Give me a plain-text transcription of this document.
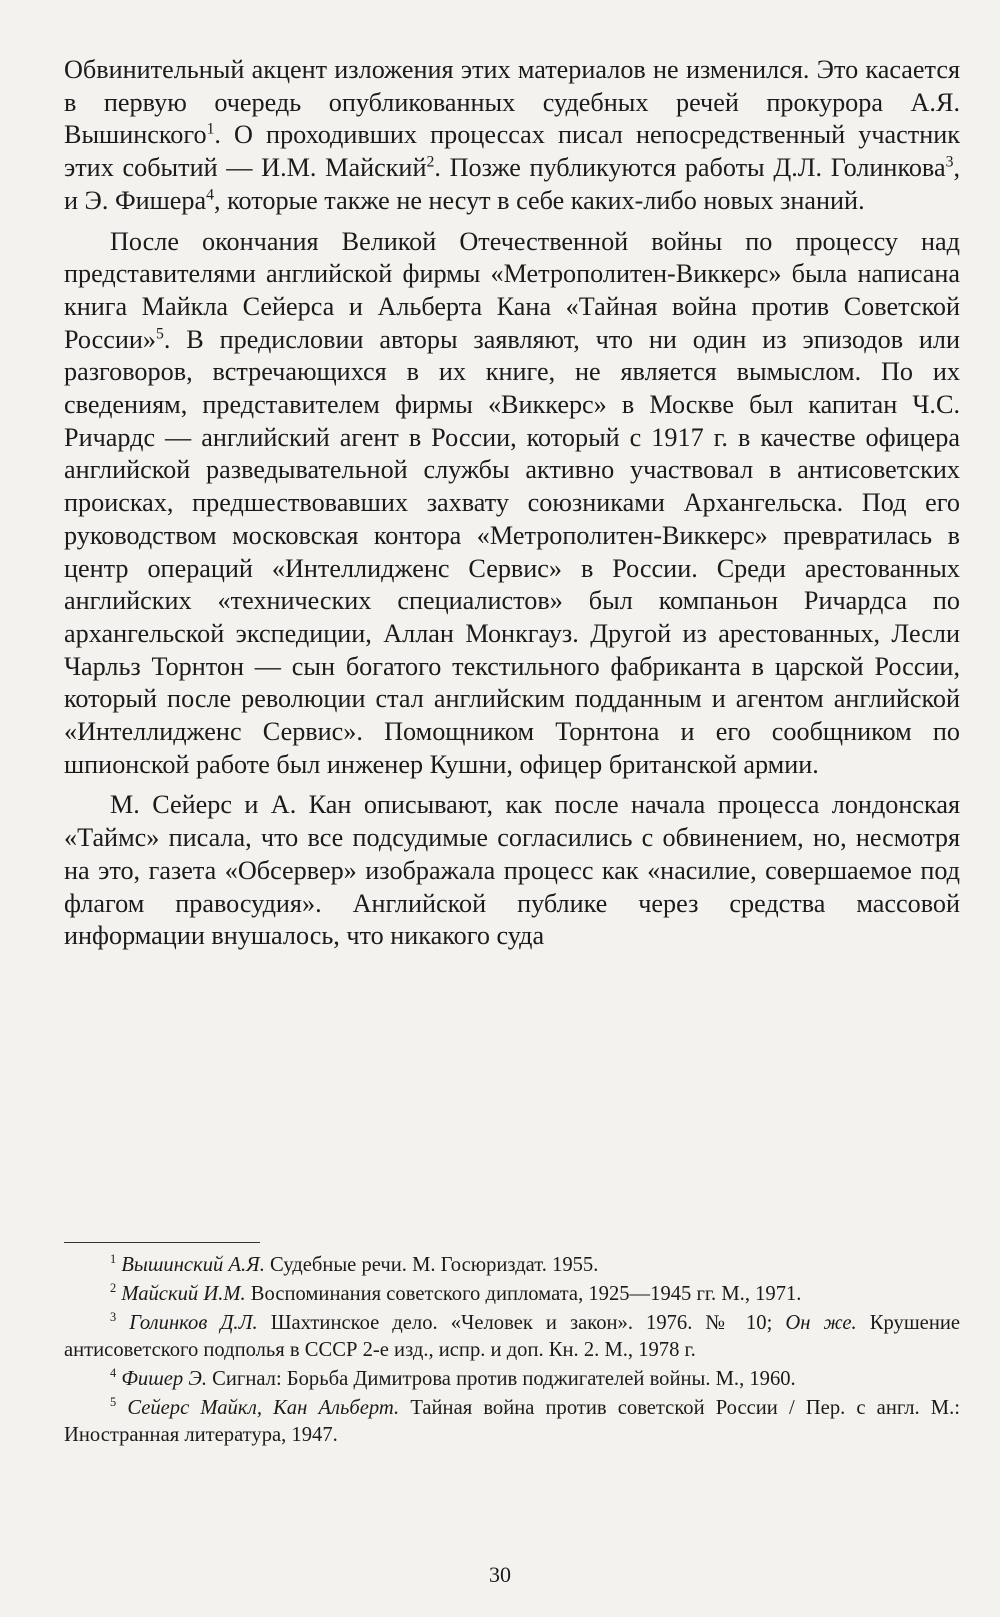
Обвинительный акцент изложения этих материалов не изменился. Это касается в первую очередь опубликованных судебных речей прокурора А.Я. Вышинского$^1$. О проходивших процессах писал непосредственный участник этих событий — И.М. Майский$^2$. Позже публикуются работы Д.Л. Голинкова$^3$, и Э. Фишера$^4$, которые также не несут в себе каких-либо новых знаний.

После окончания Великой Отечественной войны по процессу над представителями английской фирмы «Метрополитен-Виккерс» была написана книга Майкла Сейерса и Альберта Кана «Тайная война против Советской России»$^5$. В предисловии авторы заявляют, что ни один из эпизодов или разговоров, встречающихся в их книге, не является вымыслом. По их сведениям, представителем фирмы «Виккерс» в Москве был капитан Ч.С. Ричардс — английский агент в России, который с 1917 г. в качестве офицера английской разведывательной службы активно участвовал в антисоветских происках, предшествовавших захвату союзниками Архангельска. Под его руководством московская контора «Метрополитен-Виккерс» превратилась в центр операций «Интеллидженс Сервис» в России. Среди арестованных английских «технических специалистов» был компаньон Ричардса по архангельской экспедиции, Аллан Монкгауз. Другой из арестованных, Лесли Чарльз Торнтон — сын богатого текстильного фабриканта в царской России, который после революции стал английским подданным и агентом английской «Интеллидженс Сервис». Помощником Торнтона и его сообщником по шпионской работе был инженер Кушни, офицер британской армии.

М. Сейерс и А. Кан описывают, как после начала процесса лондонская «Таймс» писала, что все подсудимые согласились с обвинением, но, несмотря на это, газета «Обсервер» изображала процесс как «насилие, совершаемое под флагом правосудия». Английской публике через средства массовой информации внушалось, что никакого суда

$^1$ Вышинский А.Я. Судебные речи. М. Госюриздат. 1955.

$^2$ Майский И.М. Воспоминания советского дипломата, 1925—1945 гг. М., 1971.

$^3$ Голинков Д.Л. Шахтинское дело. «Человек и закон». 1976. № 10; Он же. Крушение антисоветского подполья в СССР 2-е изд., испр. и доп. Кн. 2. М., 1978 г.

$^4$ Фишер Э. Сигнал: Борьба Димитрова против поджигателей войны. М., 1960.

$^5$ Сейерс Майкл, Кан Альберт. Тайная война против советской России / Пер. с англ. М.: Иностранная литература, 1947.

30
